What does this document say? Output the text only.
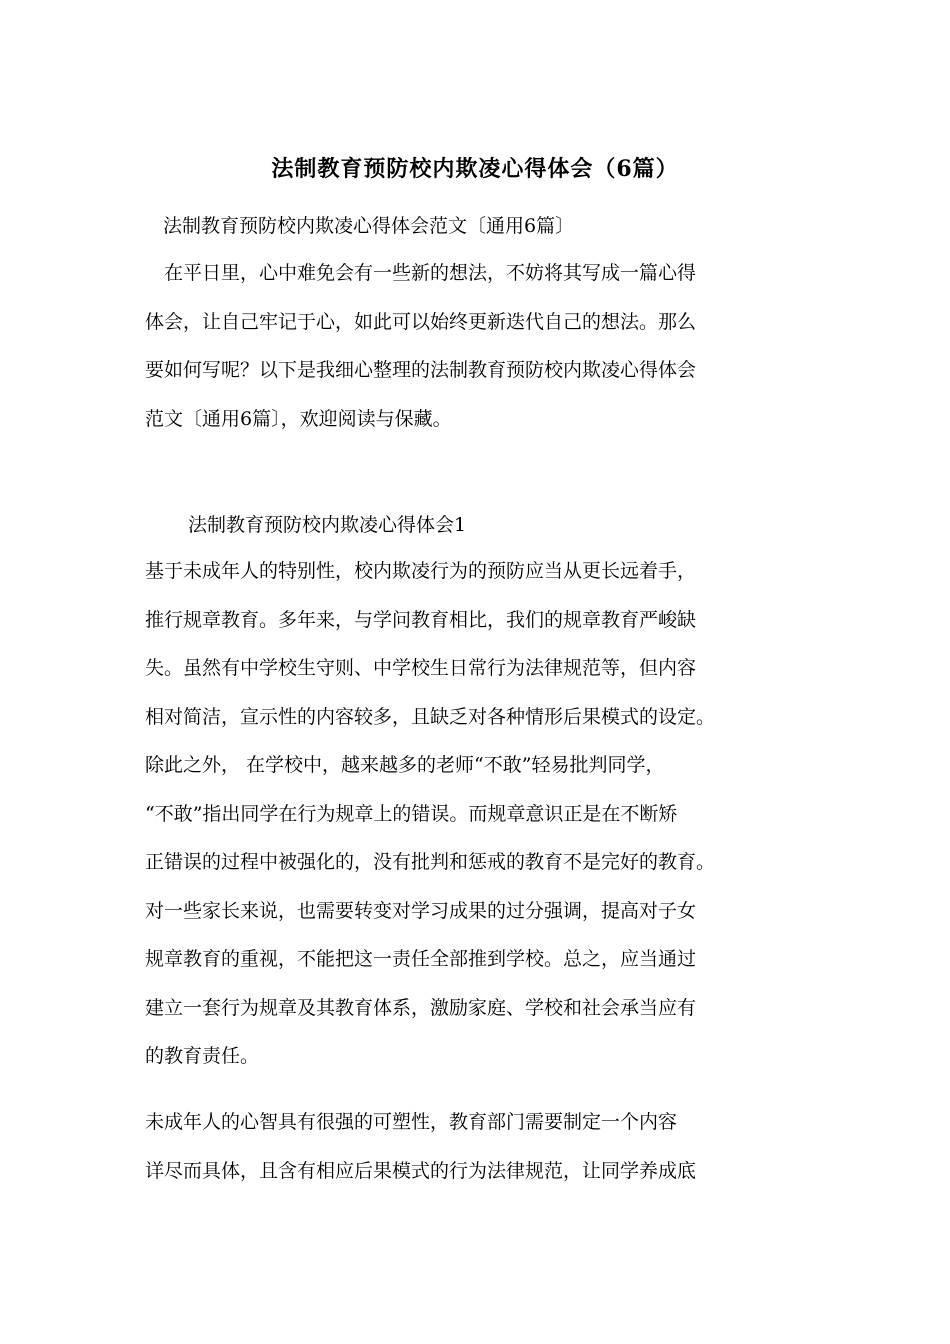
法制教育预防校内欺凌心得体会（6篇）
法制教育预防校内欺凌心得体会范文〔通用6篇〕

　在平日里，心中难免会有一些新的想法，不妨将其写成一篇心得
体会，让自己牢记于心，如此可以始终更新迭代自己的想法。那么
要如何写呢？以下是我细心整理的法制教育预防校内欺凌心得体会
范文〔通用6篇〕，欢迎阅读与保藏。

法制教育预防校内欺凌心得体会1

基于未成年人的特别性，校内欺凌行为的预防应当从更长远着手，
推行规章教育。多年来，与学问教育相比，我们的规章教育严峻缺
失。虽然有中学校生守则、中学校生日常行为法律规范等，但内容
相对简洁，宣示性的内容较多，且缺乏对各种情形后果模式的设定。
除此之外， 在学校中，越来越多的老师“不敢”轻易批判同学，
“不敢”指出同学在行为规章上的错误。而规章意识正是在不断矫
正错误的过程中被强化的，没有批判和惩戒的教育不是完好的教育。
对一些家长来说，也需要转变对学习成果的过分强调，提高对子女
规章教育的重视，不能把这一责任全部推到学校。总之，应当通过
建立一套行为规章及其教育体系，激励家庭、学校和社会承当应有
的教育责任。

未成年人的心智具有很强的可塑性，教育部门需要制定一个内容
详尽而具体，且含有相应后果模式的行为法律规范，让同学养成底
